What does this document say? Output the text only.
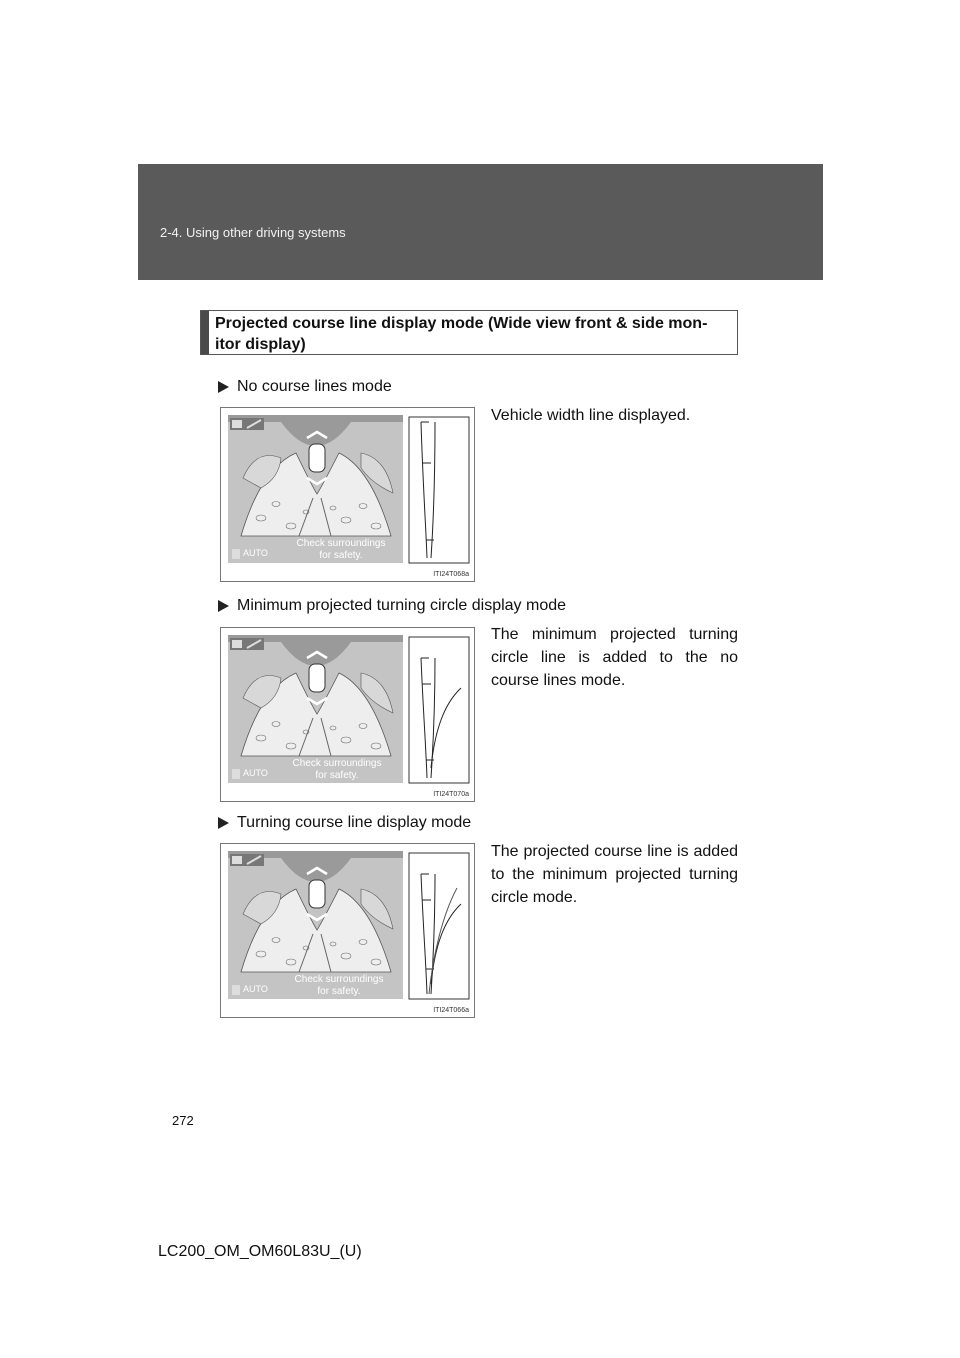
2-4. Using other driving systems
Projected course line display mode (Wide view front & side mon-itor display)
No course lines mode
AUTO
Check surroundings
for safety.
ITI24T068a
Vehicle width line displayed.
Minimum projected turning circle display mode
AUTO
Check surroundings
for safety.
ITI24T070a
The minimum projected turning circle line is added to the no course lines mode.
Turning course line display mode
AUTO
Check surroundings
for safety.
ITI24T066a
The projected course line is added to the minimum projected turning circle mode.
272
LC200_OM_OM60L83U_(U)
